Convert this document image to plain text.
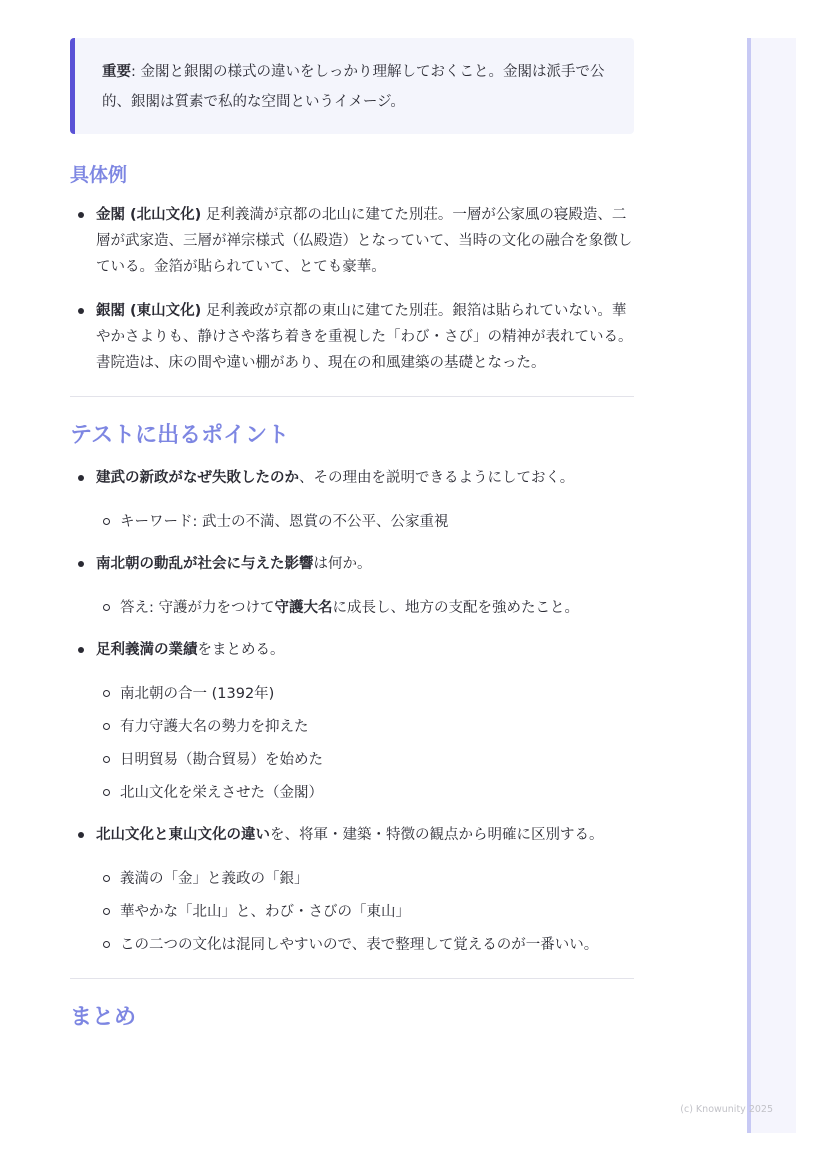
重要: 金閣と銀閣の様式の違いをしっかり理解しておくこと。金閣は派手で公的、銀閣は質素で私的な空間というイメージ。
具体例
金閣 (北山文化) 足利義満が京都の北山に建てた別荘。一層が公家風の寝殿造、二層が武家造、三層が禅宗様式（仏殿造）となっていて、当時の文化の融合を象徴している。金箔が貼られていて、とても豪華。
銀閣 (東山文化) 足利義政が京都の東山に建てた別荘。銀箔は貼られていない。華やかさよりも、静けさや落ち着きを重視した「わび・さび」の精神が表れている。書院造は、床の間や違い棚があり、現在の和風建築の基礎となった。
テストに出るポイント
建武の新政がなぜ失敗したのか、その理由を説明できるようにしておく。
キーワード: 武士の不満、恩賞の不公平、公家重視
南北朝の動乱が社会に与えた影響は何か。
答え: 守護が力をつけて守護大名に成長し、地方の支配を強めたこと。
足利義満の業績をまとめる。
南北朝の合一 (1392年)
有力守護大名の勢力を抑えた
日明貿易（勘合貿易）を始めた
北山文化を栄えさせた（金閣）
北山文化と東山文化の違いを、将軍・建築・特徴の観点から明確に区別する。
義満の「金」と義政の「銀」
華やかな「北山」と、わび・さびの「東山」
この二つの文化は混同しやすいので、表で整理して覚えるのが一番いい。
まとめ
(c) Knowunity 2025
